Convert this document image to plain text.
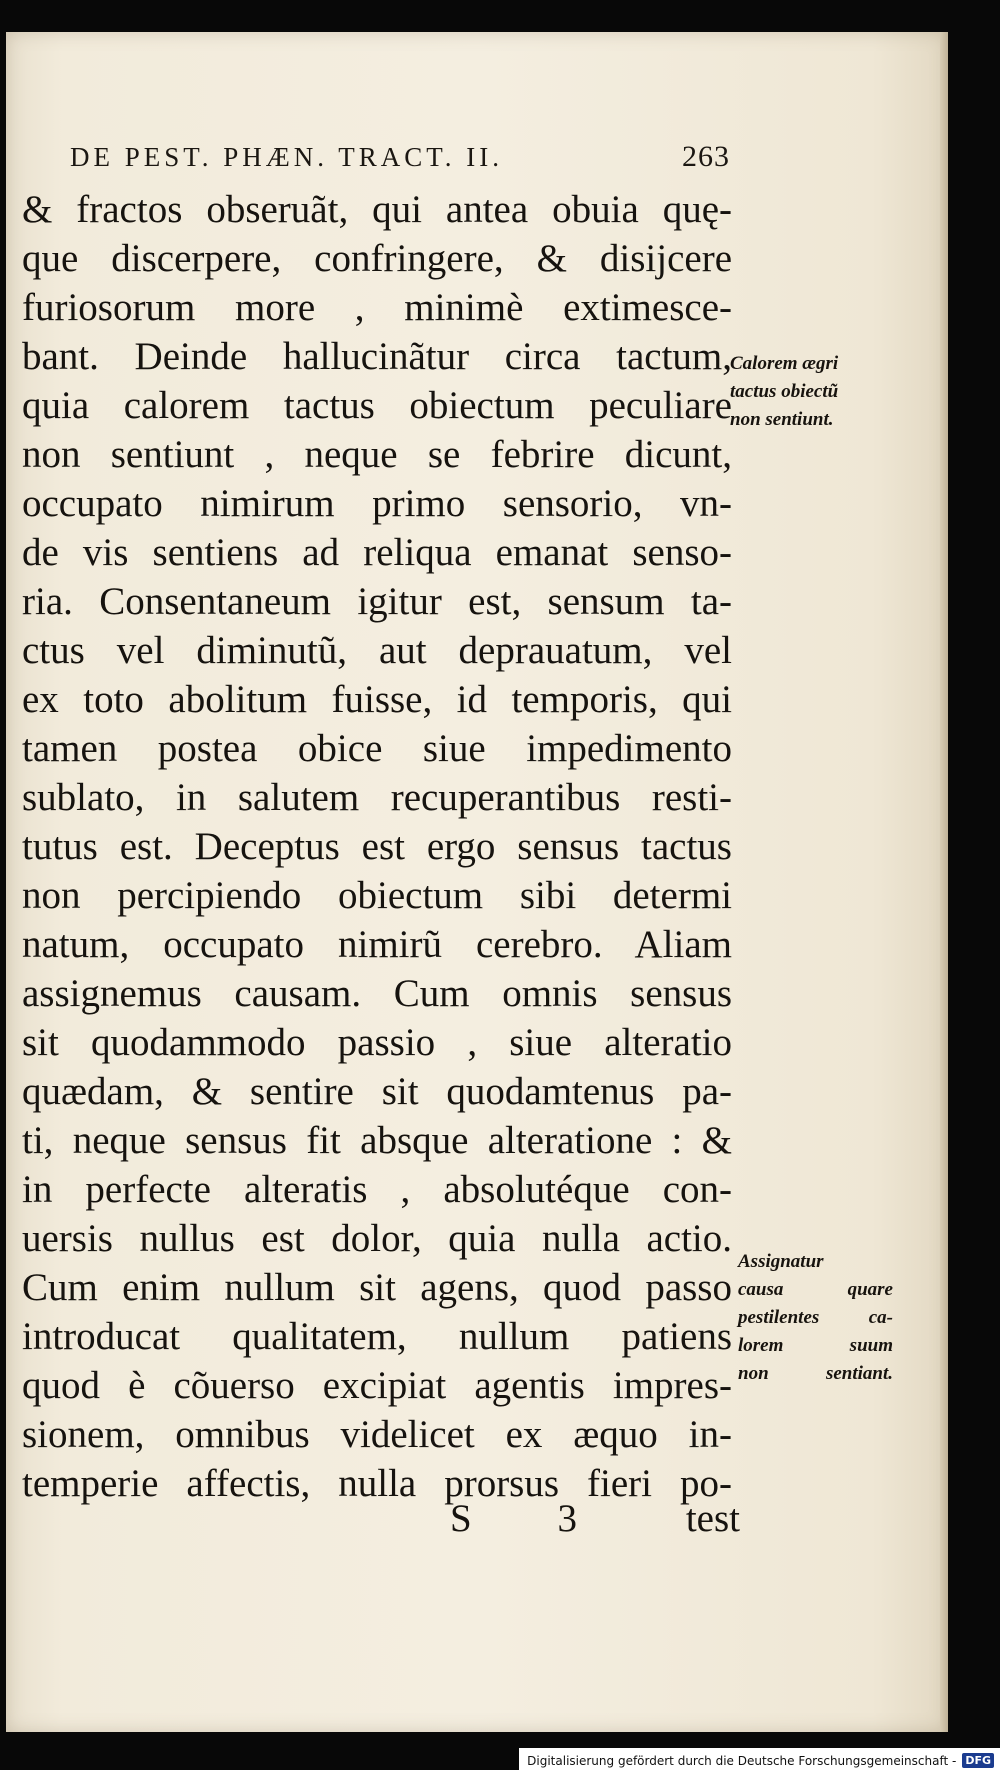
DE PEST. PHÆN. TRACT. II.	263
& fractos obseruãt, qui antea obuia quę-
que discerpere, confringere, & disijcere
furiosorum more , minimè extimesce-
bant. Deinde hallucinãtur circa tactum,
quia calorem tactus obiectum peculiare
non sentiunt , neque se febrire dicunt,
occupato nimirum primo sensorio, vn-
de vis sentiens ad reliqua emanat senso-
ria. Consentaneum igitur est, sensum ta-
ctus vel diminutũ, aut deprauatum, vel
ex toto abolitum fuisse, id temporis, qui
tamen postea obice siue impedimento
sublato, in salutem recuperantibus resti-
tutus est. Deceptus est ergo sensus tactus
non percipiendo obiectum sibi determi
natum, occupato nimirũ cerebro. Aliam
assignemus causam. Cum omnis sensus
sit quodammodo passio , siue alteratio
quædam, & sentire sit quodamtenus pa-
ti, neque sensus fit absque alteratione : &
in perfecte alteratis , absolutéque con-
uersis nullus est dolor, quia nulla actio.
Cum enim nullum sit agens, quod passo
introducat qualitatem, nullum patiens
quod è cõuerso excipiat agentis impres-
sionem, omnibus videlicet ex æquo in-
temperie affectis, nulla prorsus fieri po-
S 3 test
Calorem ægri
tactus obiectũ
non sentiunt.
Assignatur
causa quare
pestilentes ca-
lorem suum
non sentiant.
Digitalisierung gefördert durch die Deutsche Forschungsgemeinschaft - DFG
